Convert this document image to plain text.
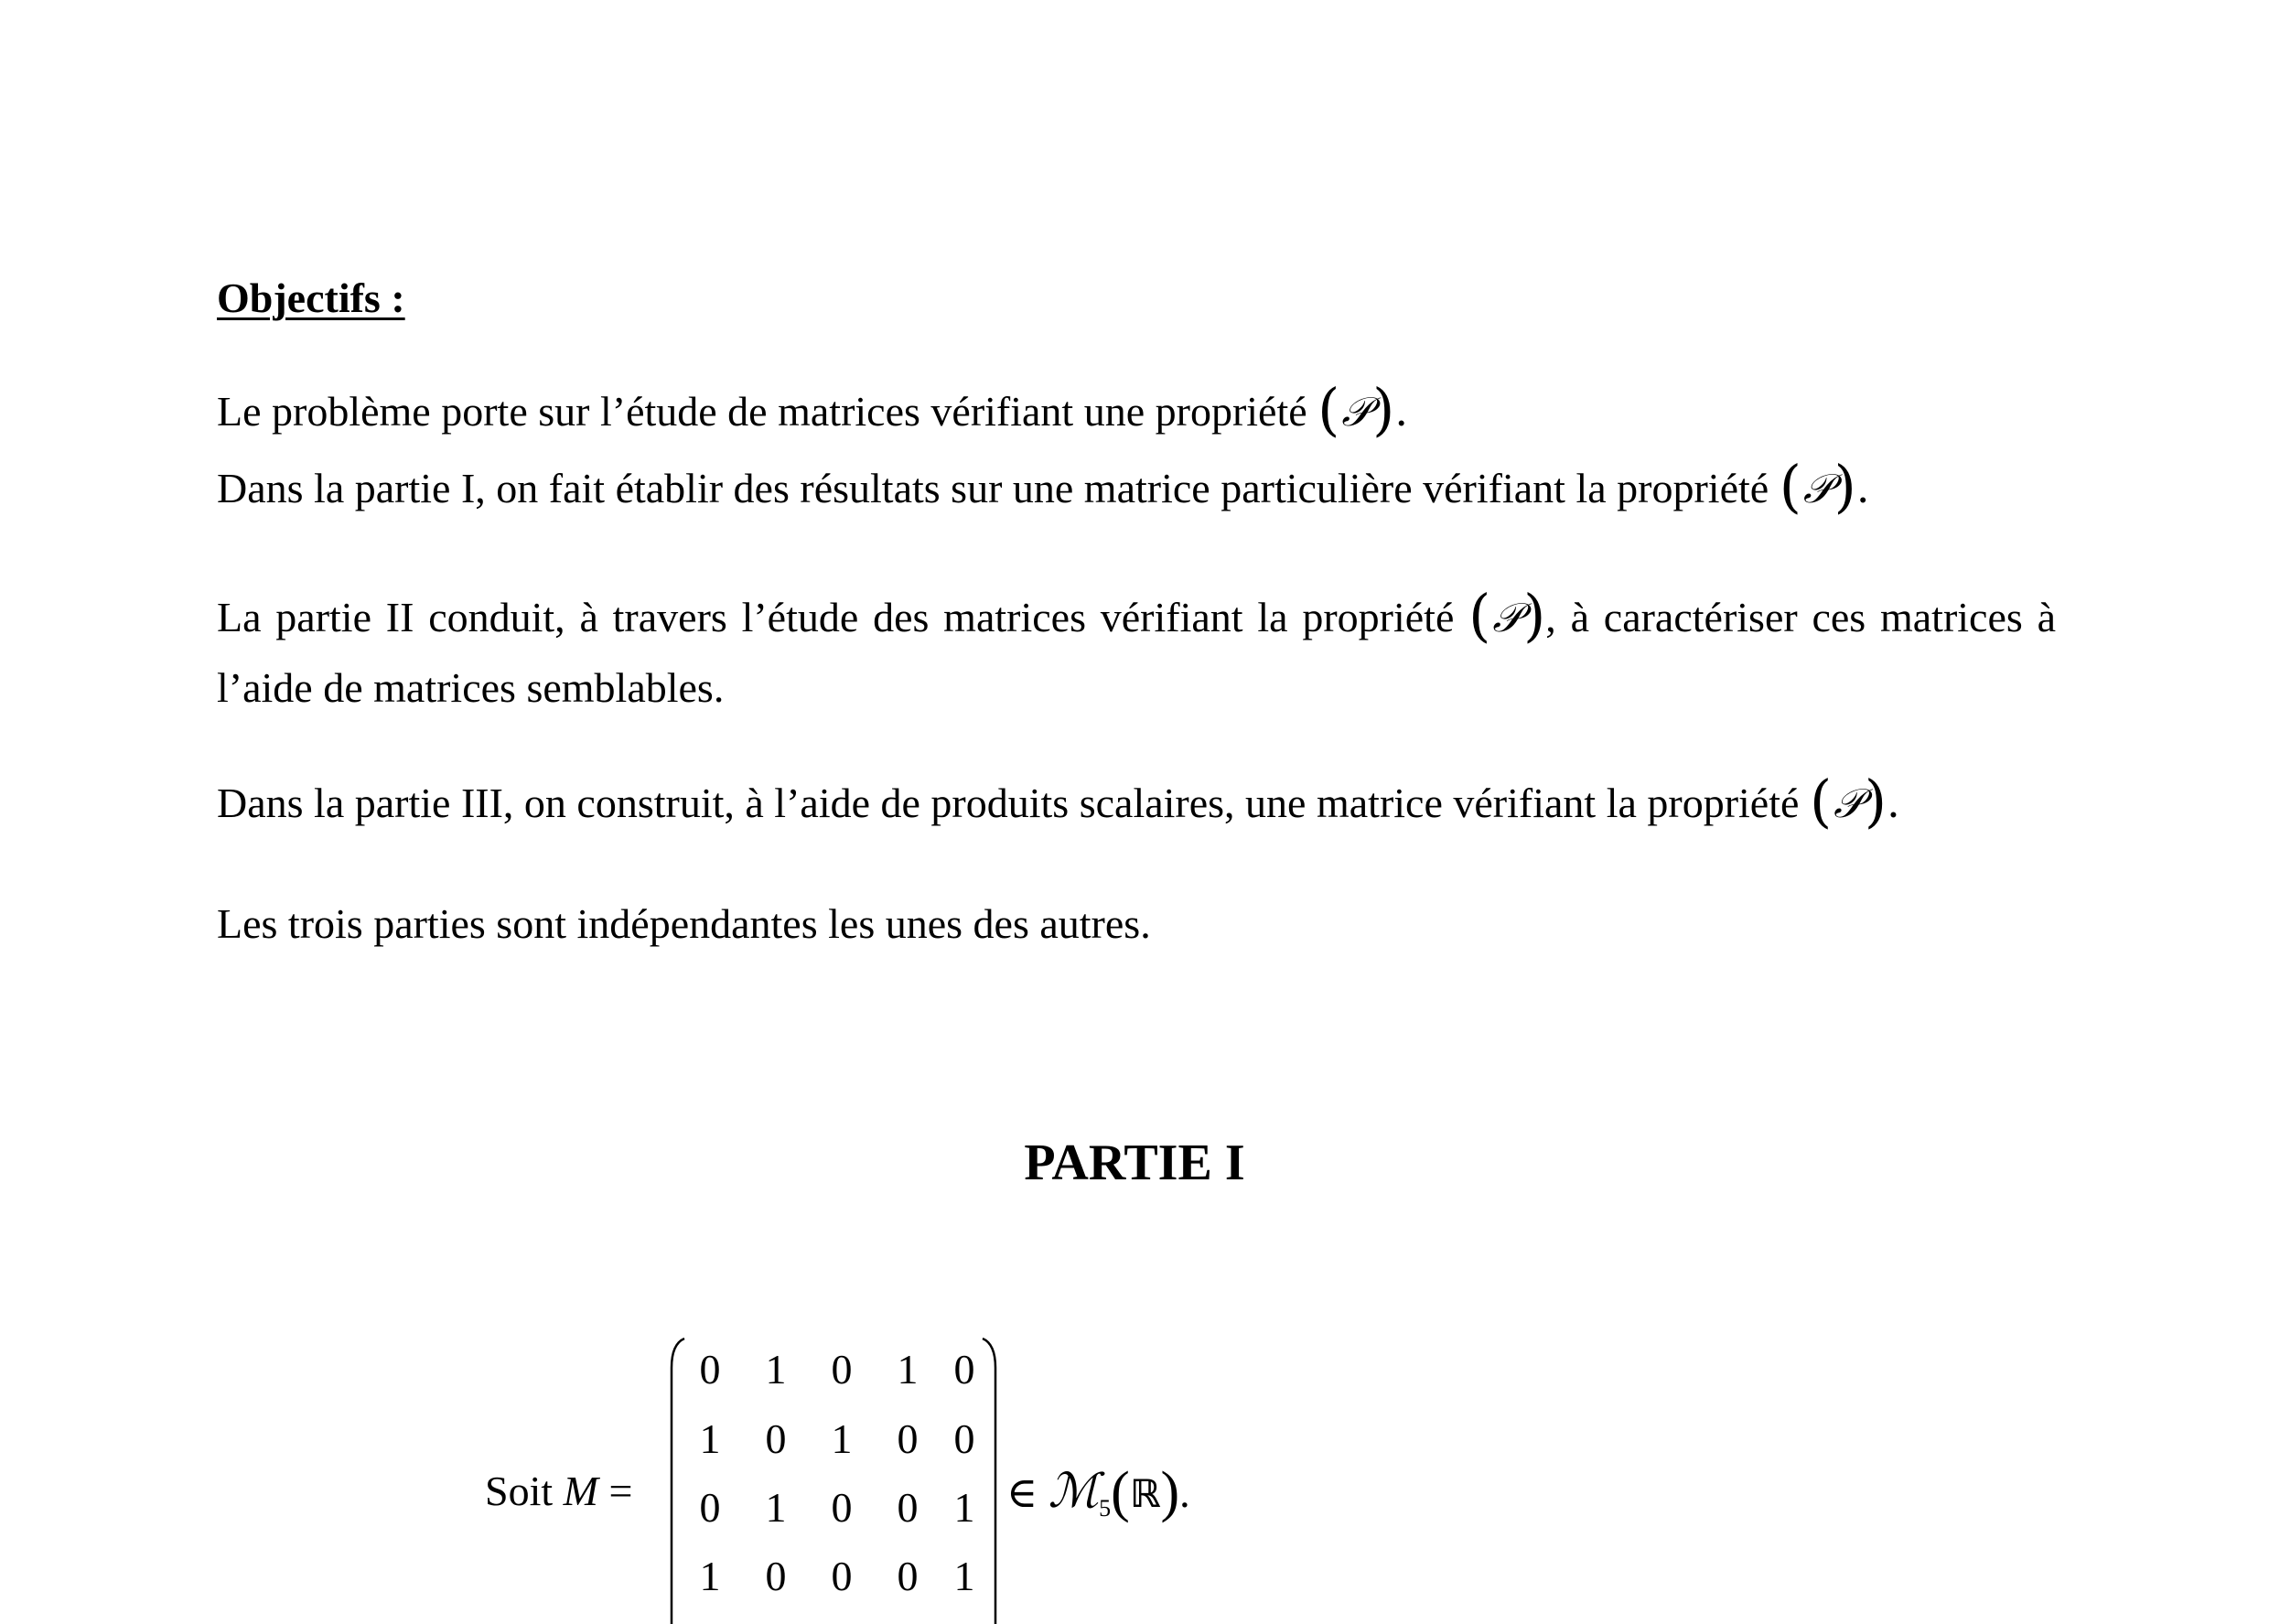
Objectifs :
Le problème porte sur l’étude de matrices vérifiant une propriété (𝒫).
Dans la partie I, on fait établir des résultats sur une matrice particulière vérifiant la propriété (𝒫).
La partie II conduit, à travers l’étude des matrices vérifiant la propriété (𝒫), à caractériser ces matrices à l’aide de matrices semblables.
Dans la partie III, on construit, à l’aide de produits scalaires, une matrice vérifiant la propriété (𝒫).
Les trois parties sont indépendantes les unes des autres.
PARTIE I
Soit M =
0 1 0 1 0
1 0 1 0 0
0 1 0 0 1
1 0 0 0 1
∈ ℳ$_5$(ℝ).
